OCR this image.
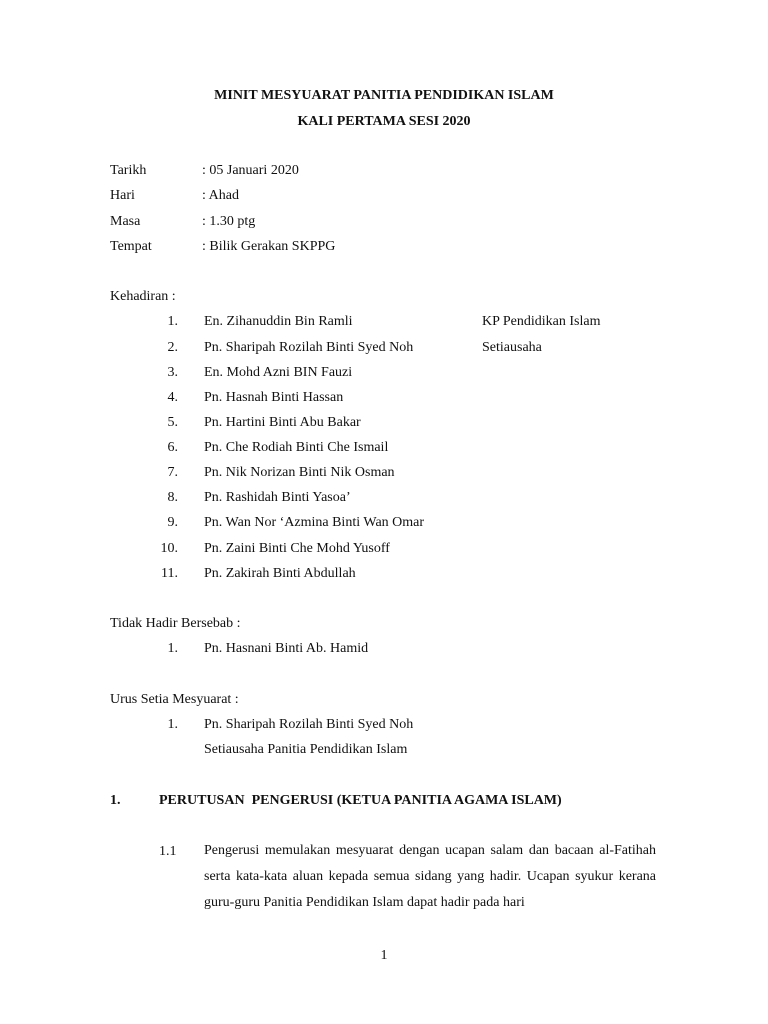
MINIT MESYUARAT PANITIA PENDIDIKAN ISLAM
KALI PERTAMA SESI 2020
Tarikh	: 05 Januari 2020
Hari	: Ahad
Masa	: 1.30 ptg
Tempat	: Bilik Gerakan SKPPG
Kehadiran :
1. En. Zihanuddin Bin Ramli	KP Pendidikan Islam
2. Pn. Sharipah Rozilah Binti Syed Noh	Setiausaha
3. En. Mohd Azni BIN Fauzi
4. Pn. Hasnah Binti Hassan
5. Pn. Hartini Binti Abu Bakar
6. Pn. Che Rodiah Binti Che Ismail
7. Pn. Nik Norizan Binti Nik Osman
8. Pn. Rashidah Binti Yasoa’
9. Pn. Wan Nor ‘Azmina Binti Wan Omar
10. Pn. Zaini Binti Che Mohd Yusoff
11. Pn. Zakirah Binti Abdullah
Tidak Hadir Bersebab :
1. Pn. Hasnani Binti Ab. Hamid
Urus Setia Mesyuarat :
1. Pn. Sharipah Rozilah Binti Syed Noh
Setiausaha Panitia Pendidikan Islam
1.	PERUTUSAN  PENGERUSI (KETUA PANITIA AGAMA ISLAM)
1.1 Pengerusi memulakan mesyuarat dengan ucapan salam dan bacaan al-Fatihah serta kata-kata aluan kepada semua sidang yang hadir. Ucapan syukur kerana guru-guru Panitia Pendidikan Islam dapat hadir pada hari
1
